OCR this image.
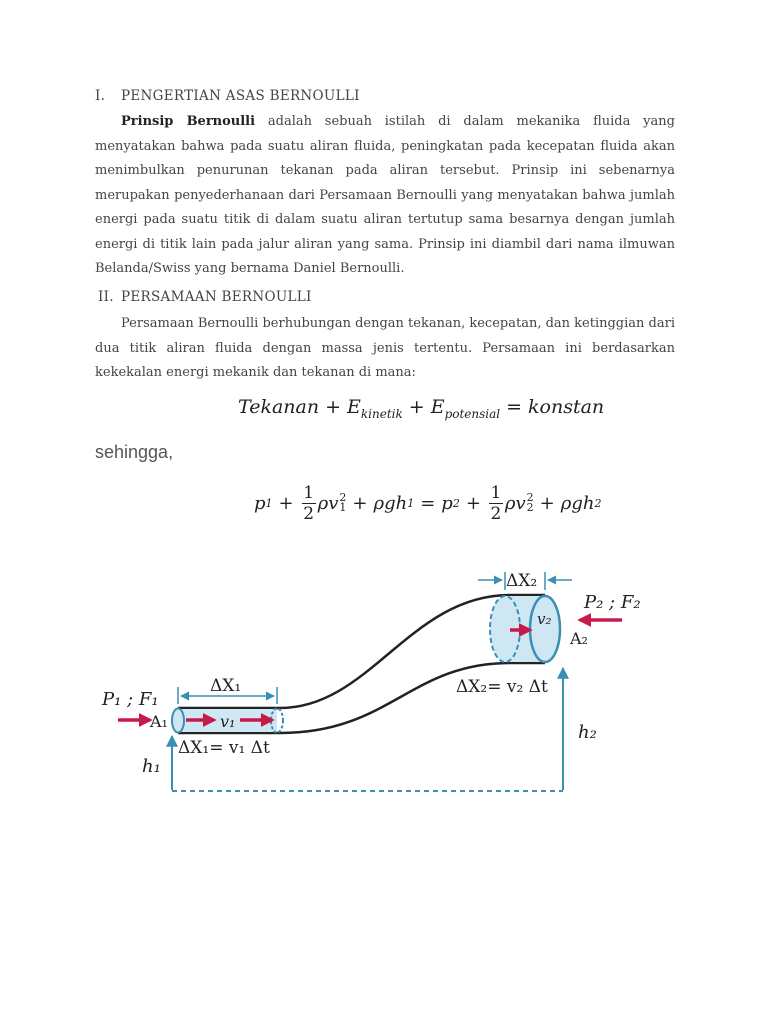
I. PENGERTIAN ASAS BERNOULLI
Prinsip Bernoulli adalah sebuah istilah di dalam mekanika fluida yang menyatakan bahwa pada suatu aliran fluida, peningkatan pada kecepatan fluida akan menimbulkan penurunan tekanan pada aliran tersebut. Prinsip ini sebenarnya merupakan penyederhanaan dari Persamaan Bernoulli yang menyatakan bahwa jumlah energi pada suatu titik di dalam suatu aliran tertutup sama besarnya dengan jumlah energi di titik lain pada jalur aliran yang sama. Prinsip ini diambil dari nama ilmuwan Belanda/Swiss yang bernama Daniel Bernoulli.
II. PERSAMAAN BERNOULLI
Persamaan Bernoulli berhubungan dengan tekanan, kecepatan, dan ketinggian dari dua titik aliran fluida dengan massa jenis tertentu. Persamaan ini berdasarkan kekekalan energi mekanik dan tekanan di mana:
Tekanan + $E_{kinetik} + E_{potensial}$ = konstan
sehingga,
p $1 + \frac{1}{2}$ ρ v 2
1 + ρgh 1 = p $2 + \frac{1}{2}$ ρ v 2
2 + ρgh 2
P₁ ; F₁
A₁
ΔX₁
v₁
ΔX₁= v₁ Δt
h₁
ΔX₂
P₂ ; F₂
v₂
A₂
ΔX₂= v₂ Δt
h₂
